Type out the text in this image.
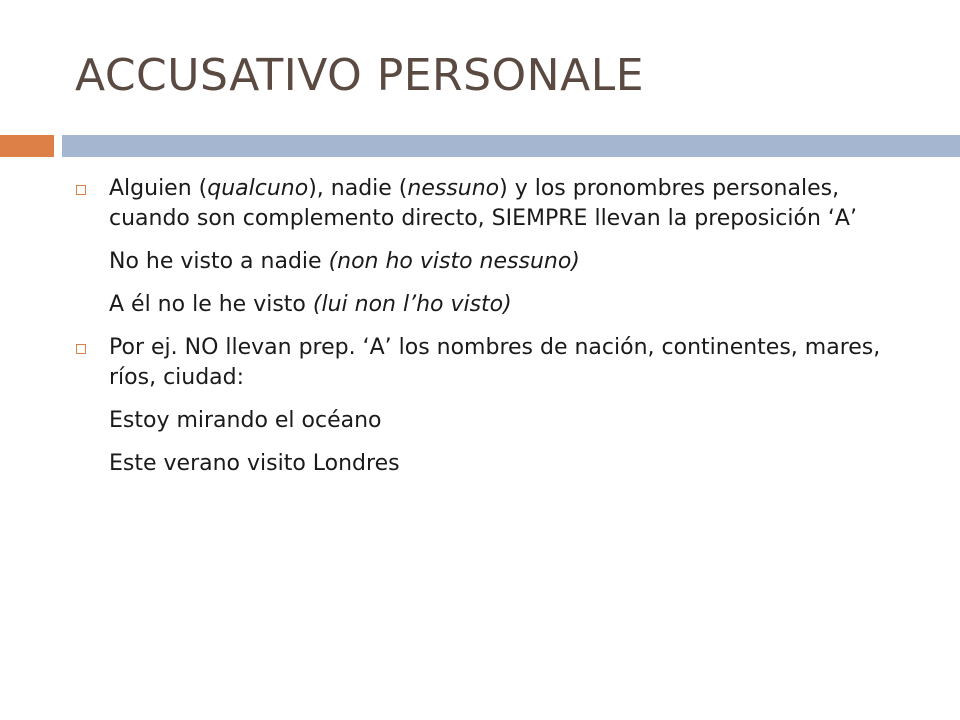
ACCUSATIVO PERSONALE
Alguien (qualcuno), nadie (nessuno) y los pronombres personales, cuando son complemento directo, SIEMPRE llevan la preposición ‘A’
No he visto a nadie (non ho visto nessuno)
A él no le he visto (lui non l’ho visto)
Por ej. NO llevan prep. ‘A’ los nombres de nación, continentes, mares, ríos, ciudad:
Estoy mirando el océano
Este verano visito Londres
